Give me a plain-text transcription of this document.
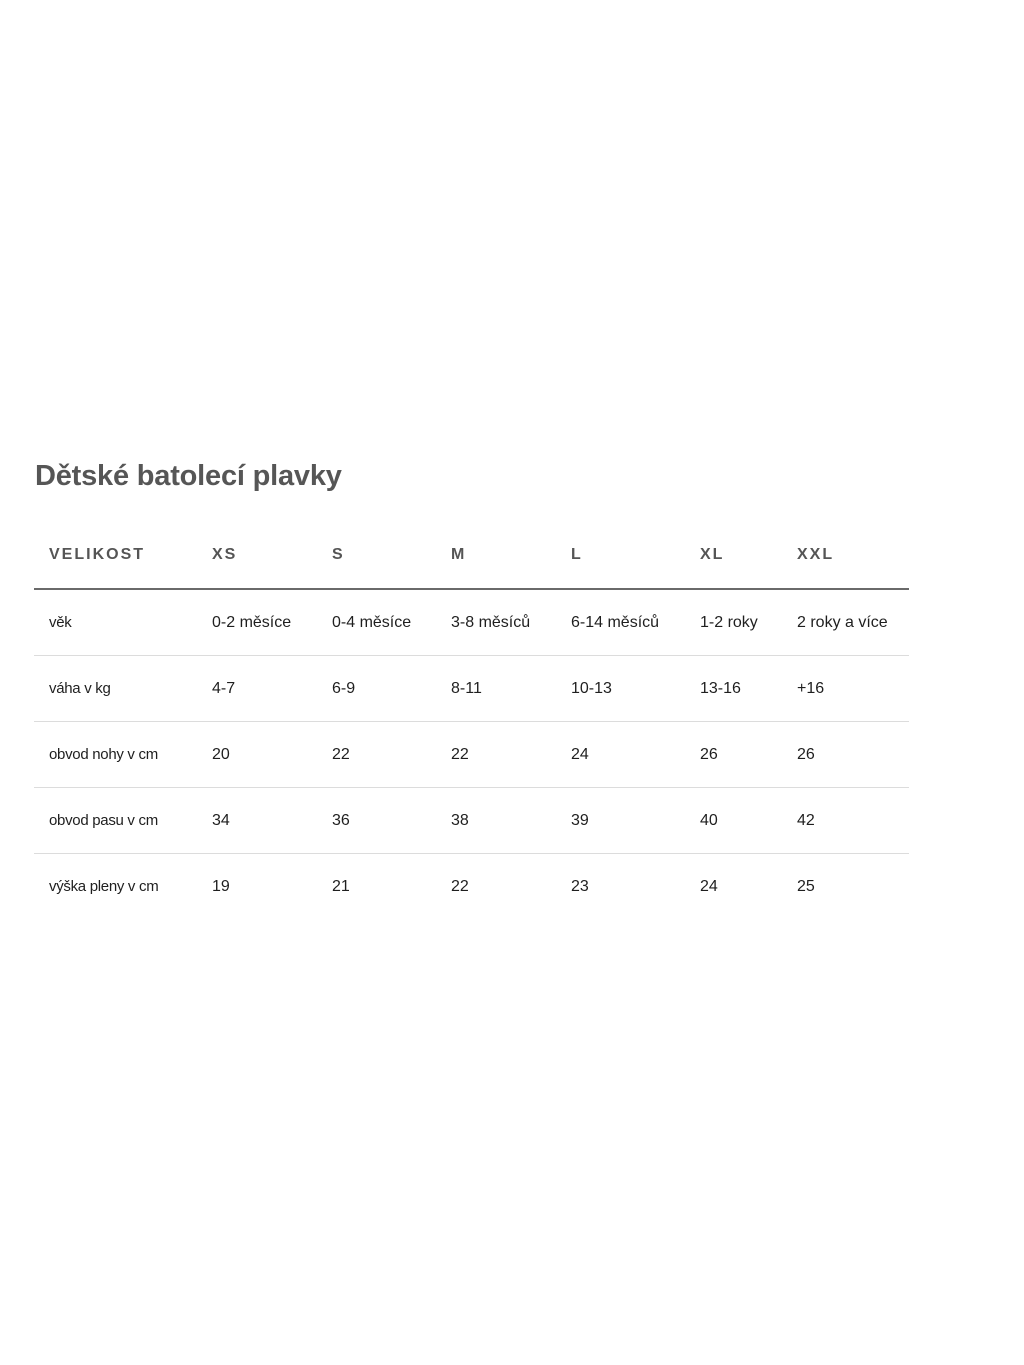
Dětské batolecí plavky
VELIKOST	XS	S	M	L	XL	XXL
věk	0-2 měsíce	0-4 měsíce	3-8 měsíců	6-14 měsíců	1-2 roky	2 roky a více
váha v kg	4-7	6-9	8-11	10-13	13-16	+16
obvod nohy v cm	20	22	22	24	26	26
obvod pasu v cm	34	36	38	39	40	42
výška pleny v cm	19	21	22	23	24	25
